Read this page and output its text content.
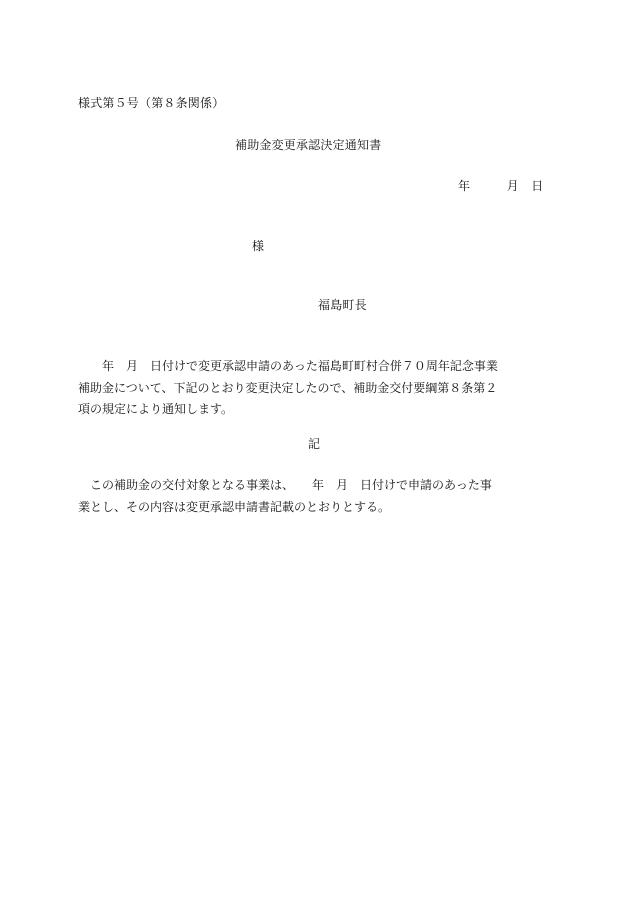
様式第５号（第８条関係）
補助金変更承認決定通知書
年　　　月　日
様
福島町長
　　年　月　日付けで変更承認申請のあった福島町町村合併７０周年記念事業
補助金について、下記のとおり変更決定したので、補助金交付要綱第８条第２
項の規定により通知します。
記
　この補助金の交付対象となる事業は、　　年　月　日付けで申請のあった事
業とし、その内容は変更承認申請書記載のとおりとする。
